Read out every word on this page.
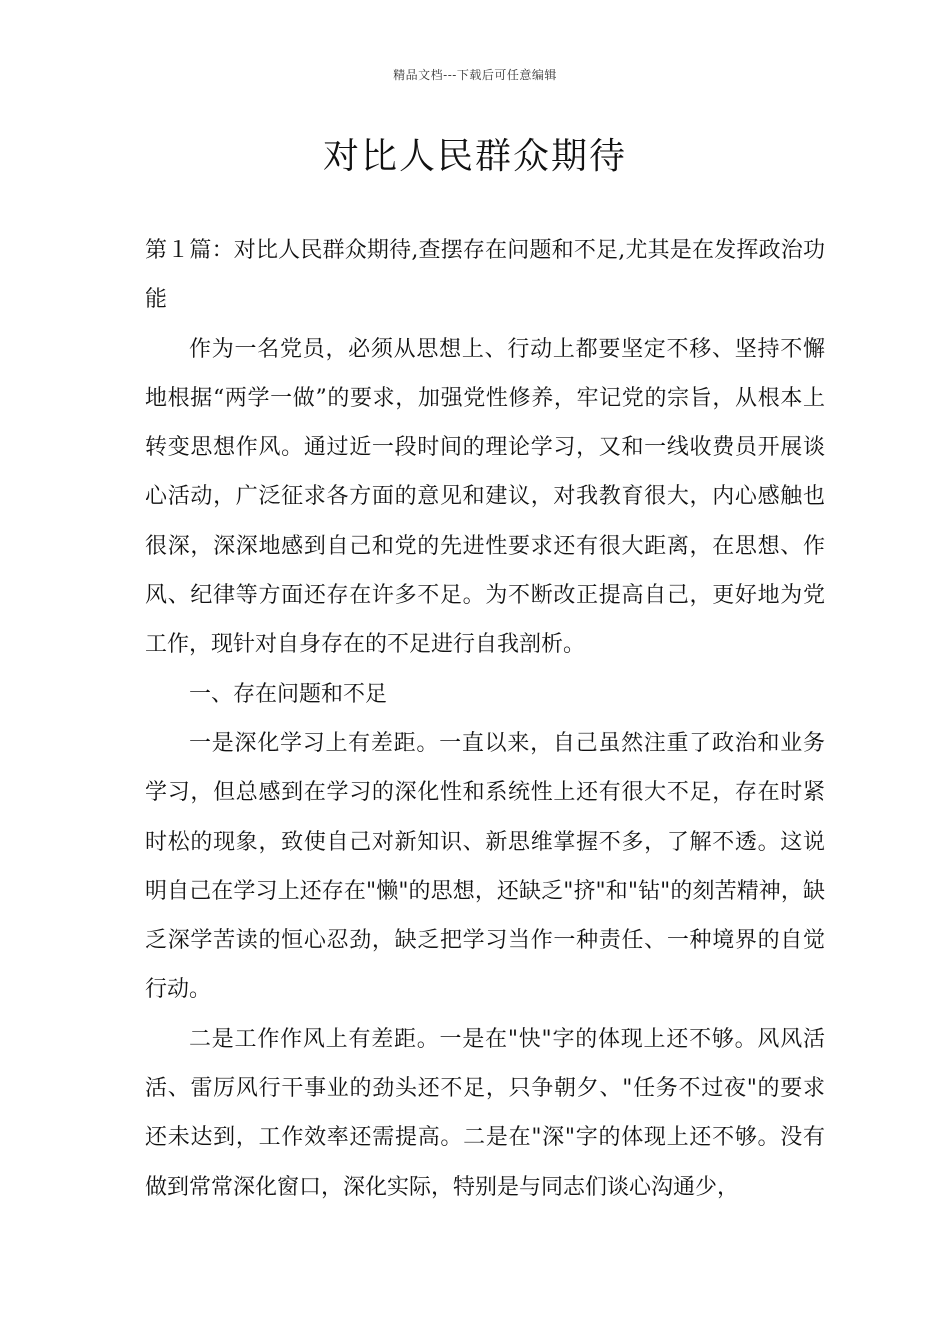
精品文档---下载后可任意编辑
对比人民群众期待

第１篇：对比人民群众期待,查摆存在问题和不足,尤其是在发挥政治功能

作为一名党员，必须从思想上、行动上都要坚定不移、坚持不懈地根据“两学一做”的要求，加强党性修养，牢记党的宗旨，从根本上转变思想作风。通过近一段时间的理论学习，又和一线收费员开展谈心活动，广泛征求各方面的意见和建议，对我教育很大，内心感触也很深，深深地感到自己和党的先进性要求还有很大距离，在思想、作风、纪律等方面还存在许多不足。为不断改正提高自己，更好地为党工作，现针对自身存在的不足进行自我剖析。

一、存在问题和不足

一是深化学习上有差距。一直以来，自己虽然注重了政治和业务学习，但总感到在学习的深化性和系统性上还有很大不足，存在时紧时松的现象，致使自己对新知识、新思维掌握不多，了解不透。这说明自己在学习上还存在"懒"的思想，还缺乏"挤"和"钻"的刻苦精神，缺乏深学苦读的恒心忍劲，缺乏把学习当作一种责任、一种境界的自觉行动。

二是工作作风上有差距。一是在"快"字的体现上还不够。风风活活、雷厉风行干事业的劲头还不足，只争朝夕、"任务不过夜"的要求还未达到，工作效率还需提高。二是在"深"字的体现上还不够。没有做到常常深化窗口，深化实际，特别是与同志们谈心沟通少，
